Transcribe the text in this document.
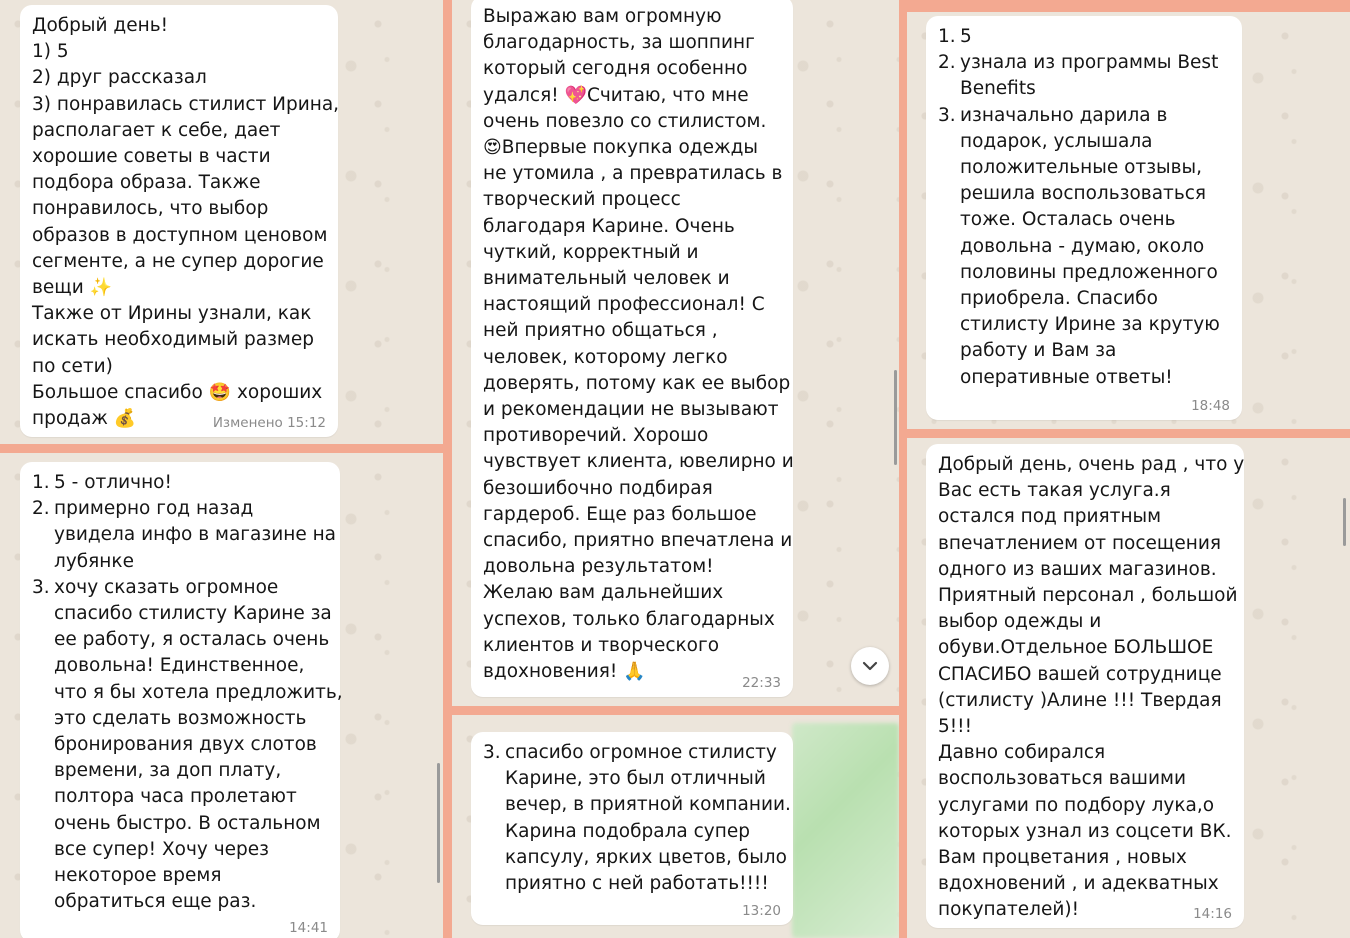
Добрый день!

1) 5

2) друг рассказал

3) понравилась стилист Ирина,

располагает к себе, дает

хорошие советы в части

подбора образа. Также

понравилось, что выбор

образов в доступном ценовом

сегменте, а не супер дорогие

вещи ✨

Также от Ирины узнали, как

искать необходимый размер

по сети)

Большое спасибо 🤩 хороших

продаж 💰	Изменено 15:12
1. 5 - отлично!

2. примерно год назад

увидела инфо в магазине на

лубянке

3. хочу сказать огромное

спасибо стилисту Карине за

ее работу, я осталась очень

довольна! Единственное,

что я бы хотела предложить,

это сделать возможность

бронирования двух слотов

времени, за доп плату,

полтора часа пролетают

очень быстро. В остальном

все супер! Хочу через

некоторое время

обратиться еще раз.

14:41

Выражаю вам огромную

благодарность, за шоппинг

который сегодня особенно

удался! 💖Считаю, что мне

очень повезло со стилистом.

😍Впервые покупка одежды

не утомила , а превратилась в

творческий процесс

благодаря Карине. Очень

чуткий, корректный и

внимательный человек и

настоящий профессионал! С

ней приятно общаться ,

человек, которому легко

доверять, потому как ее выбор

и рекомендации не вызывают

противоречий. Хорошо

чувствует клиента, ювелирно и

безошибочно подбирая

гардероб. Еще раз большое

спасибо, приятно впечатлена и

довольна результатом!

Желаю вам дальнейших

успехов, только благодарных

клиентов и творческого

вдохновения! 🙏

22:33
3. спасибо огромное стилисту

Карине, это был отличный

вечер, в приятной компании.

Карина подобрала супер

капсулу, ярких цветов, было

приятно с ней работать!!!!

13:20
1. 5

2. узнала из программы Best

Benefits

3. изначально дарила в

подарок, услышала

положительные отзывы,

решила воспользоваться

тоже. Осталась очень

довольна - думаю, около

половины предложенного

приобрела. Спасибо

стилисту Ирине за крутую

работу и Вам за

оперативные ответы!

18:48

Добрый день, очень рад , что у

Вас есть такая услуга.я

остался под приятным

впечатлением от посещения

одного из ваших магазинов.

Приятный персонал , большой

выбор одежды и

обуви.Отдельное БОЛЬШОЕ

СПАСИБО вашей сотруднице

(стилисту )Алине !!! Твердая

5!!!

Давно собирался

воспользоваться вашими

услугами по подбору лука,о

которых узнал из соцсети ВК.

Вам процветания , новых

вдохновений , и адекватных

покупателей)!	14:16
